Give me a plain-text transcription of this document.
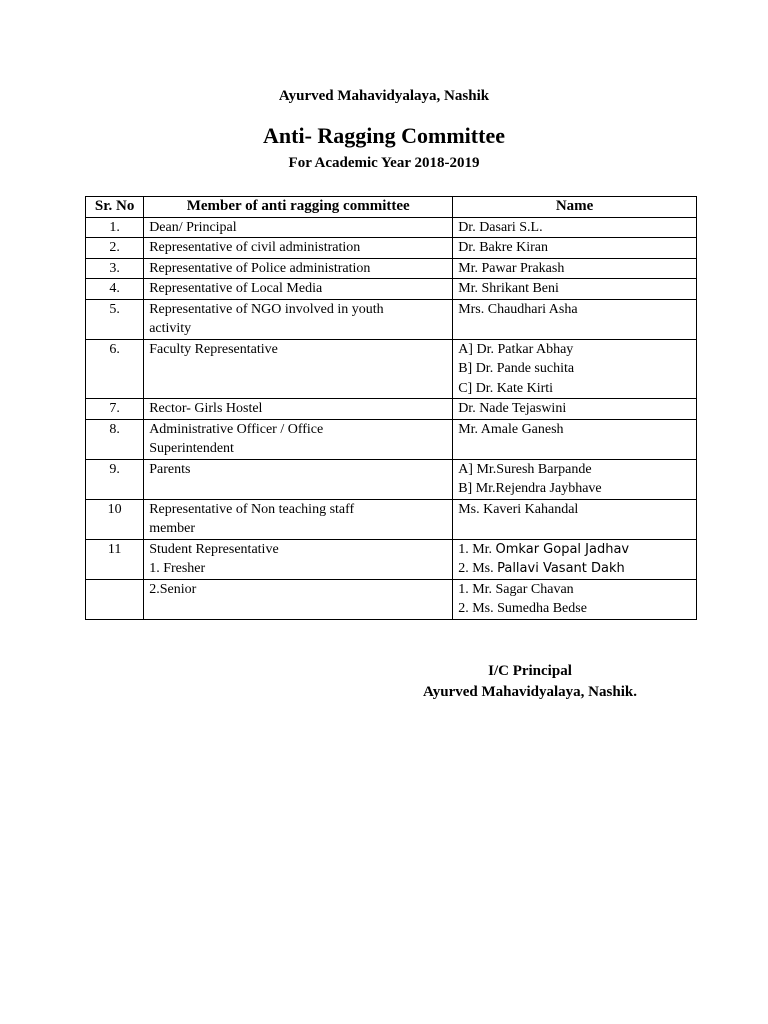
Ayurved Mahavidyalaya, Nashik
Anti- Ragging Committee
For Academic Year 2018-2019
Sr. No	Member of anti ragging committee	Name
1.	Dean/ Principal	Dr. Dasari S.L.

2.	Representative of civil administration	Dr. Bakre Kiran

3.	Representative of Police administration	Mr. Pawar Prakash

4.	Representative of Local Media	Mr. Shrikant Beni

5.	Representative of NGO involved in youth
activity	Mrs. Chaudhari Asha

6.	Faculty Representative	A] Dr. Patkar Abhay
B] Dr. Pande suchita
C] Dr. Kate Kirti

7.	Rector- Girls Hostel	Dr. Nade Tejaswini

8.	Administrative Officer / Office
Superintendent	Mr. Amale Ganesh

9.	Parents	A] Mr.Suresh Barpande
B] Mr.Rejendra Jaybhave

10	Representative of Non teaching staff
member	Ms. Kaveri Kahandal

11	Student Representative
1. Fresher	1. Mr. Omkar Gopal Jadhav
2. Ms. Pallavi Vasant Dakh

	2.Senior	1. Mr. Sagar Chavan
2. Ms. Sumedha Bedse
I/C Principal
Ayurved Mahavidyalaya, Nashik.
